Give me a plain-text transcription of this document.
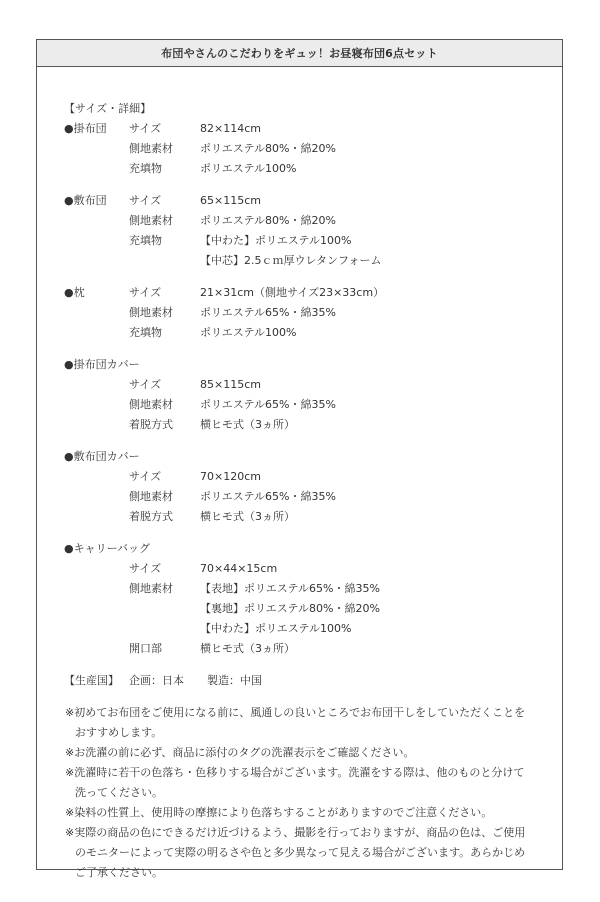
布団やさんのこだわりをギュッ！お昼寝布団6点セット
【サイズ・詳細】
●掛布団 サイズ	82×114cm
側地素材 ポリエステル80%・綿20%
充填物	ポリエステル100%
●敷布団 サイズ	65×115cm
側地素材 ポリエステル80%・綿20%
充填物	【中わた】ポリエステル100%
【中芯】2.5ｃｍ厚ウレタンフォーム
●枕	サイズ	21×31cm（側地サイズ23×33cm）
側地素材 ポリエステル65%・綿35%
充填物	ポリエステル100%
●掛布団カバー
サイズ	85×115cm
側地素材 ポリエステル65%・綿35%
着脱方式 横ヒモ式（3ヵ所）
●敷布団カバー
サイズ	70×120cm
側地素材 ポリエステル65%・綿35%
着脱方式 横ヒモ式（3ヵ所）
●キャリーバッグ
サイズ	70×44×15cm
側地素材 【表地】ポリエステル65%・綿35%
【裏地】ポリエステル80%・綿20%
【中わた】ポリエステル100%
開口部	横ヒモ式（3ヵ所）
【生産国】 企画：日本 製造：中国
※初めてお布団をご使用になる前に、風通しの良いところでお布団干しをしていただくことを
おすすめします。
※お洗濯の前に必ず、商品に添付のタグの洗濯表示をご確認ください。
※洗濯時に若干の色落ち・色移りする場合がございます。洗濯をする際は、他のものと分けて
洗ってください。
※染料の性質上、使用時の摩擦により色落ちすることがありますのでご注意ください。
※実際の商品の色にできるだけ近づけるよう、撮影を行っておりますが、商品の色は、ご使用
のモニターによって実際の明るさや色と多少異なって見える場合がございます。あらかじめ
ご了承ください。
